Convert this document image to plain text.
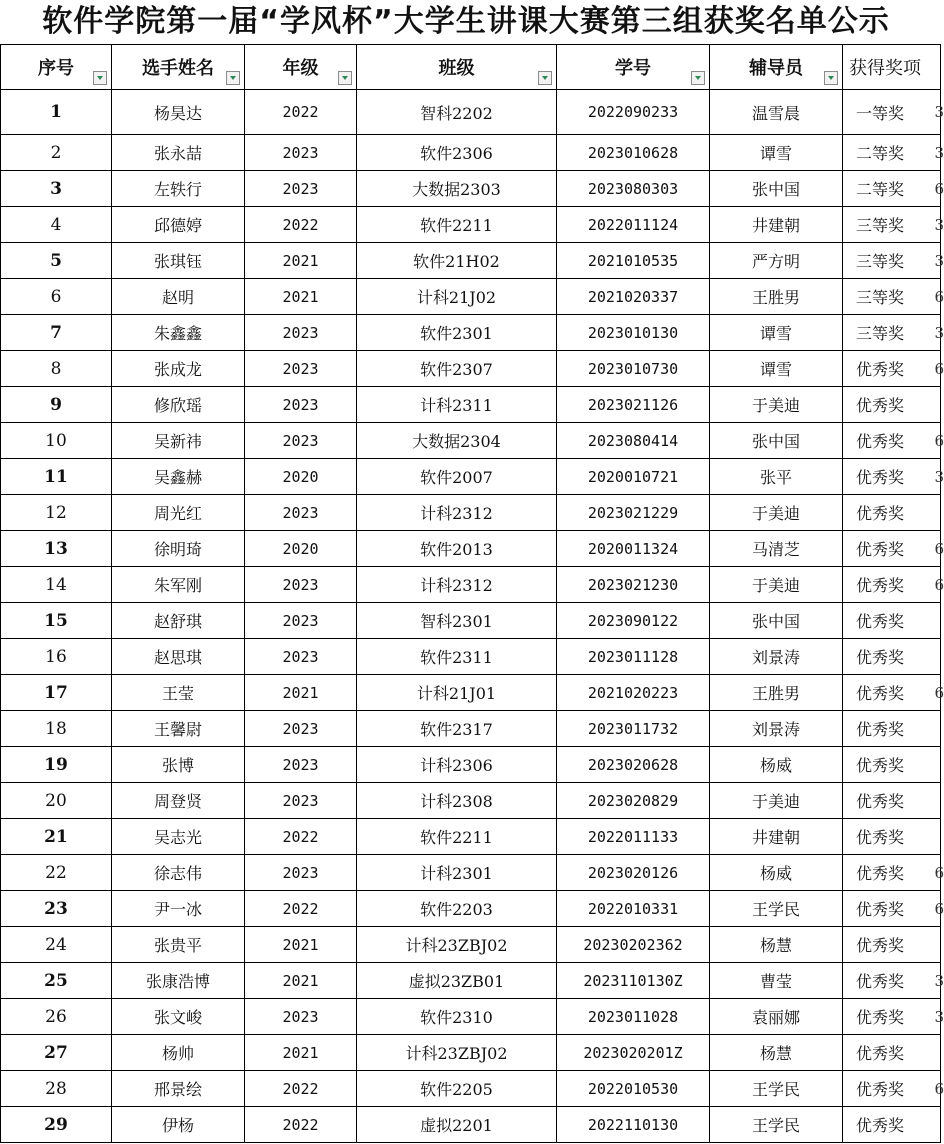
软件学院第一届“学风杯”大学生讲课大赛第三组获奖名单公示
序号	选手姓名	年级	班级	学号	辅导员	获得奖项
1	杨昊达	2022	智科2202	2022090233	温雪晨	一等奖 3

2	张永喆	2023	软件2306	2023010628	谭雪	二等奖 3

3	左轶行	2023	大数据2303	2023080303	张中国	二等奖 6

4	邱德婷	2022	软件2211	2022011124	井建朝	三等奖 3

5	张琪钰	2021	软件21H02	2021010535	严方明	三等奖 3

6	赵明	2021	计科21J02	2021020337	王胜男	三等奖 6

7	朱鑫鑫	2023	软件2301	2023010130	谭雪	三等奖 3

8	张成龙	2023	软件2307	2023010730	谭雪	优秀奖 6

9	修欣瑶	2023	计科2311	2023021126	于美迪	优秀奖

10	吴新祎	2023	大数据2304	2023080414	张中国	优秀奖 6

11	吴鑫赫	2020	软件2007	2020010721	张平	优秀奖 3

12	周光红	2023	计科2312	2023021229	于美迪	优秀奖

13	徐明琦	2020	软件2013	2020011324	马清芝	优秀奖 6

14	朱军刚	2023	计科2312	2023021230	于美迪	优秀奖 6

15	赵舒琪	2023	智科2301	2023090122	张中国	优秀奖

16	赵思琪	2023	软件2311	2023011128	刘景涛	优秀奖

17	王莹	2021	计科21J01	2021020223	王胜男	优秀奖 6

18	王馨尉	2023	软件2317	2023011732	刘景涛	优秀奖

19	张博	2023	计科2306	2023020628	杨威	优秀奖

20	周登贤	2023	计科2308	2023020829	于美迪	优秀奖

21	吴志光	2022	软件2211	2022011133	井建朝	优秀奖

22	徐志伟	2023	计科2301	2023020126	杨威	优秀奖 6

23	尹一冰	2022	软件2203	2022010331	王学民	优秀奖 6

24	张贵平	2021	计科23ZBJ02	20230202362	杨慧	优秀奖

25	张康浩博	2021	虚拟23ZB01	2023110130Z	曹莹	优秀奖 3

26	张文峻	2023	软件2310	2023011028	袁丽娜	优秀奖 3

27	杨帅	2021	计科23ZBJ02	2023020201Z	杨慧	优秀奖

28	邢景绘	2022	软件2205	2022010530	王学民	优秀奖 6

29	伊杨	2022	虚拟2201	2022110130	王学民	优秀奖
